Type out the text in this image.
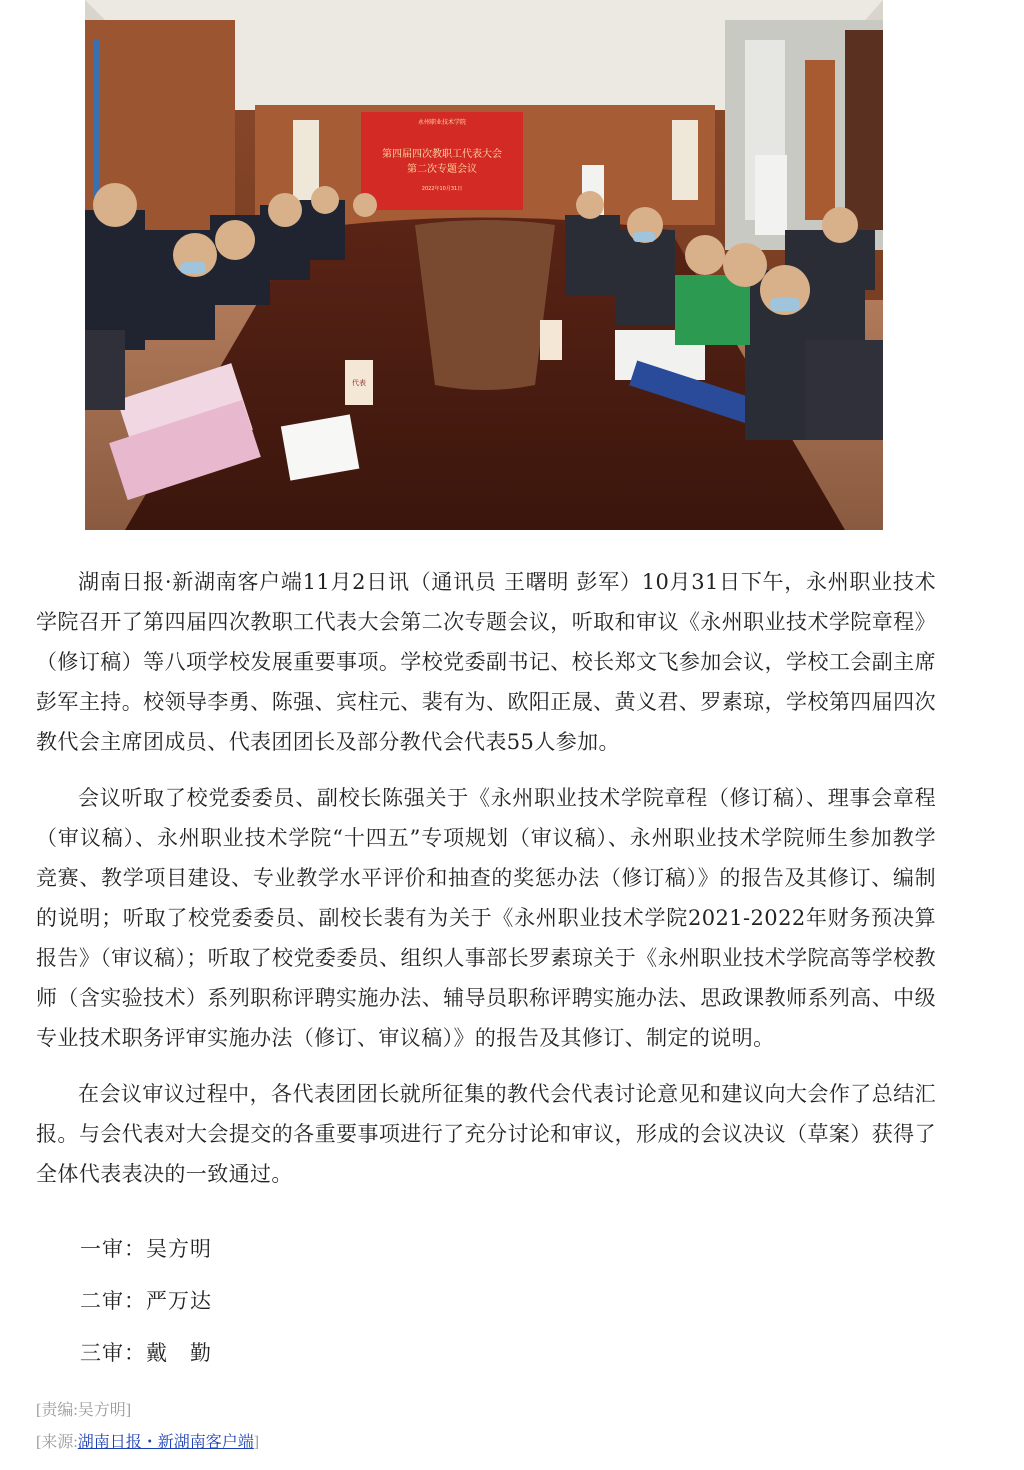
永州职业技术学院
第四届四次教职工代表大会
第二次专题会议
2022年10月31日
代表

湖南日报·新湖南客户端11月2日讯（通讯员 王曙明 彭军）10月31日下午，永州职业技术学院召开了第四届四次教职工代表大会第二次专题会议，听取和审议《永州职业技术学院章程》（修订稿）等八项学校发展重要事项。学校党委副书记、校长郑文飞参加会议，学校工会副主席彭军主持。校领导李勇、陈强、宾柱元、裴有为、欧阳正晟、黄义君、罗素琼，学校第四届四次教代会主席团成员、代表团团长及部分教代会代表55人参加。

会议听取了校党委委员、副校长陈强关于《永州职业技术学院章程（修订稿）、理事会章程（审议稿）、永州职业技术学院“十四五”专项规划（审议稿）、永州职业技术学院师生参加教学竞赛、教学项目建设、专业教学水平评价和抽查的奖惩办法（修订稿）》的报告及其修订、编制的说明；听取了校党委委员、副校长裴有为关于《永州职业技术学院2021-2022年财务预决算报告》（审议稿）；听取了校党委委员、组织人事部长罗素琼关于《永州职业技术学院高等学校教师（含实验技术）系列职称评聘实施办法、辅导员职称评聘实施办法、思政课教师系列高、中级专业技术职务评审实施办法（修订、审议稿）》的报告及其修订、制定的说明。

在会议审议过程中，各代表团团长就所征集的教代会代表讨论意见和建议向大会作了总结汇报。与会代表对大会提交的各重要事项进行了充分讨论和审议，形成的会议决议（草案）获得了全体代表表决的一致通过。

一审：吴方明
二审：严万达
三审：戴　勤
[责编:吴方明]
[来源:湖南日报・新湖南客户端]
